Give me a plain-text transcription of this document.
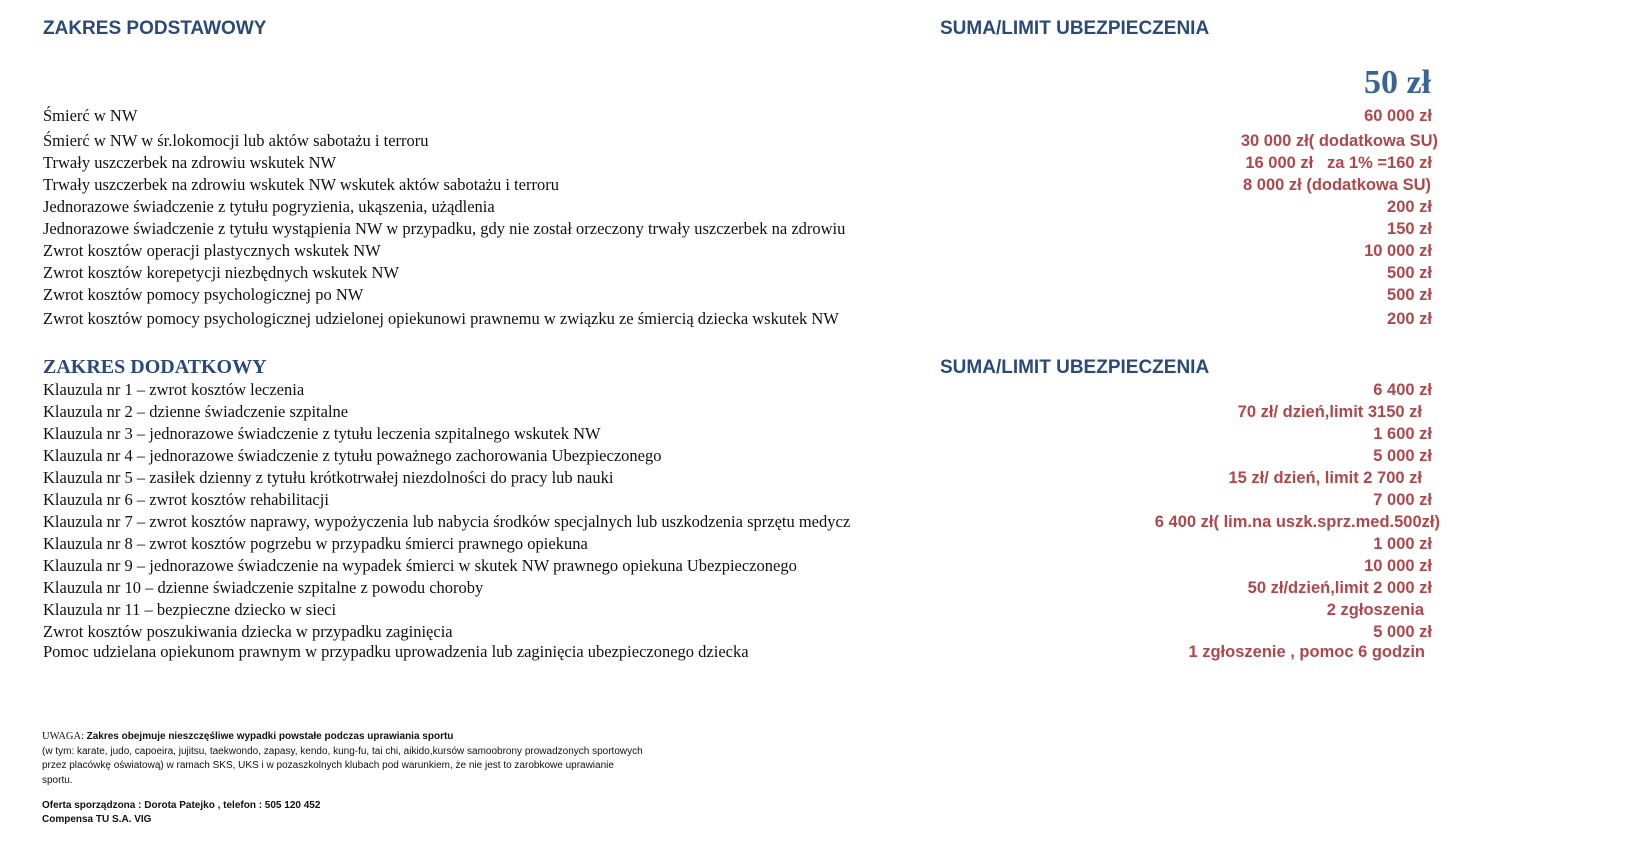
ZAKRES PODSTAWOWY	SUMA/LIMIT UBEZPIECZENIA
50 zł
Śmierć w NW	60 000 zł
Śmierć w NW w śr.lokomocji lub aktów sabotażu i terroru	30 000 zł( dodatkowa SU)
Trwały uszczerbek na zdrowiu wskutek NW	16 000 zł   za 1% =160 zł
Trwały uszczerbek na zdrowiu wskutek NW wskutek aktów sabotażu i terroru	8 000 zł (dodatkowa SU)
Jednorazowe świadczenie z tytułu pogryzienia, ukąszenia, użądlenia	200 zł
Jednorazowe świadczenie z tytułu wystąpienia NW w przypadku, gdy nie został orzeczony trwały uszczerbek na zdrowiu	150 zł
Zwrot kosztów operacji plastycznych wskutek NW	10 000 zł
Zwrot kosztów korepetycji niezbędnych wskutek NW	500 zł
Zwrot kosztów pomocy psychologicznej po NW	500 zł
Zwrot kosztów pomocy psychologicznej udzielonej opiekunowi prawnemu w związku ze śmiercią dziecka wskutek NW	200 zł
ZAKRES DODATKOWY	SUMA/LIMIT UBEZPIECZENIA
Klauzula nr 1 – zwrot kosztów leczenia	6 400 zł
Klauzula nr 2 – dzienne świadczenie szpitalne	70 zł/ dzień,limit 3150 zł
Klauzula nr 3 – jednorazowe świadczenie z tytułu leczenia szpitalnego wskutek NW	1 600 zł
Klauzula nr 4 – jednorazowe świadczenie z tytułu poważnego zachorowania Ubezpieczonego	5 000 zł
Klauzula nr 5 – zasiłek dzienny z tytułu krótkotrwałej niezdolności do pracy lub nauki	15 zł/ dzień, limit 2 700 zł
Klauzula nr 6 – zwrot kosztów rehabilitacji	7 000 zł
Klauzula nr 7 – zwrot kosztów naprawy, wypożyczenia lub nabycia środków specjalnych lub uszkodzenia sprzętu medycz	6 400 zł( lim.na uszk.sprz.med.500zł)
Klauzula nr 8 – zwrot kosztów pogrzebu w przypadku śmierci prawnego opiekuna	1 000 zł
Klauzula nr 9 – jednorazowe świadczenie na wypadek śmierci w skutek NW prawnego opiekuna Ubezpieczonego	10 000 zł
Klauzula nr 10 – dzienne świadczenie szpitalne z powodu choroby	50 zł/dzień,limit 2 000 zł
Klauzula nr 11 – bezpieczne dziecko w sieci	2 zgłoszenia
Zwrot kosztów poszukiwania dziecka w przypadku zaginięcia	5 000 zł
Pomoc udzielana opiekunom prawnym w przypadku uprowadzenia lub zaginięcia ubezpieczonego dziecka	1 zgłoszenie , pomoc 6 godzin
UWAGA: Zakres obejmuje nieszczęśliwe wypadki powstałe podczas uprawiania sportu
(w tym: karate, judo, capoeira, jujitsu, taekwondo, zapasy, kendo, kung-fu, tai chi, aikido,kursów samoobrony prowadzonych sportowych
przez placówkę oświatową) w ramach SKS, UKS i w pozaszkolnych klubach pod warunkiem, że nie jest to zarobkowe uprawianie
sportu.
Oferta sporządzona : Dorota Patejko , telefon : 505 120 452
Compensa TU S.A. VIG
